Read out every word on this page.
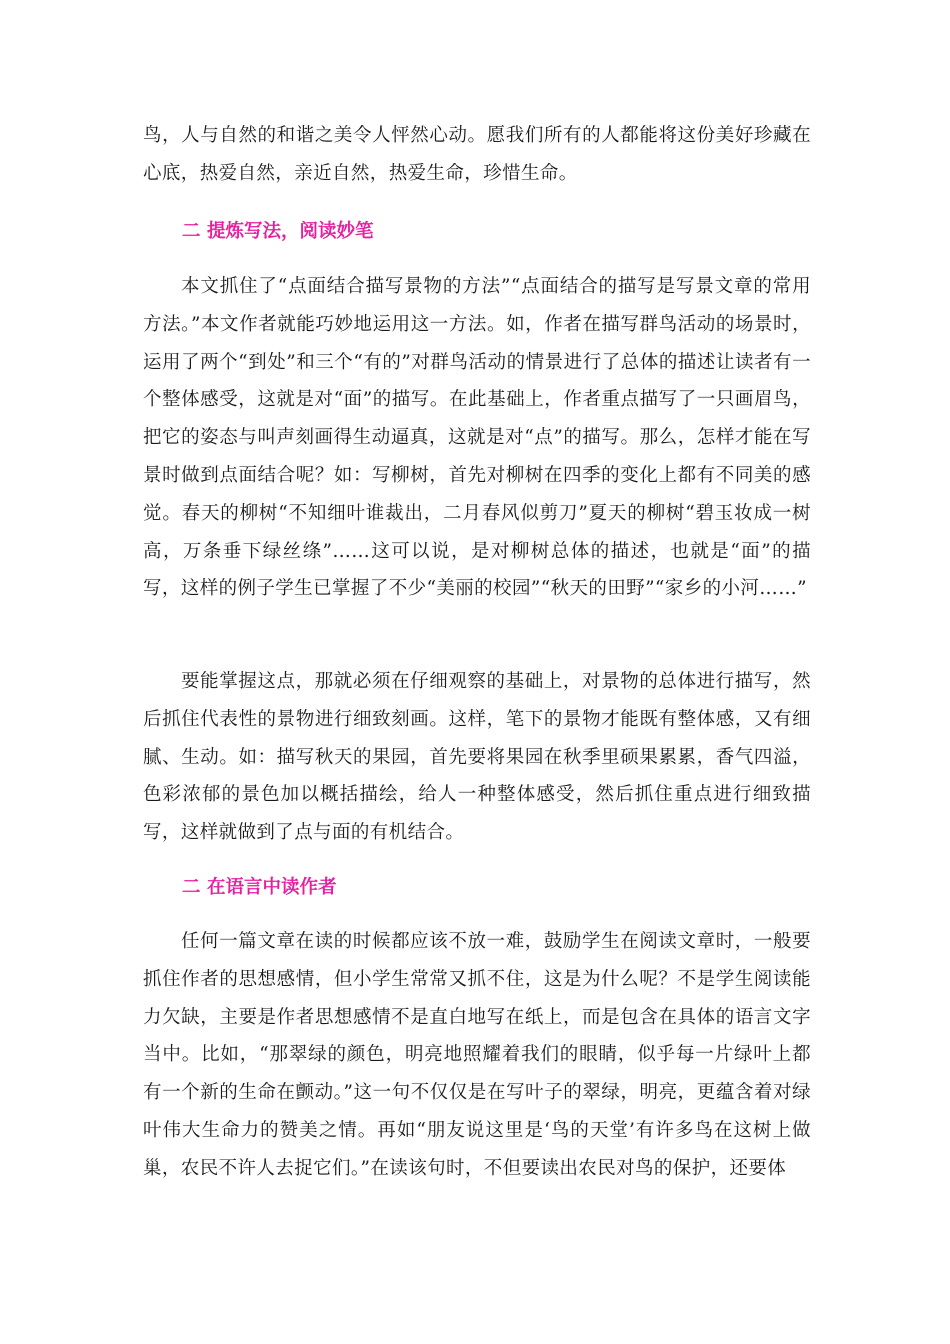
鸟，人与自然的和谐之美令人怦然心动。愿我们所有的人都能将这份美好珍藏在心底，热爱自然，亲近自然，热爱生命，珍惜生命。

二 提炼写法，阅读妙笔

本文抓住了“点面结合描写景物的方法”“点面结合的描写是写景文章的常用方法。”本文作者就能巧妙地运用这一方法。如，作者在描写群鸟活动的场景时，运用了两个“到处”和三个“有的”对群鸟活动的情景进行了总体的描述让读者有一个整体感受，这就是对“面”的描写。在此基础上，作者重点描写了一只画眉鸟，把它的姿态与叫声刻画得生动逼真，这就是对“点”的描写。那么，怎样才能在写景时做到点面结合呢？如：写柳树，首先对柳树在四季的变化上都有不同美的感觉。春天的柳树“不知细叶谁裁出，二月春风似剪刀”夏天的柳树“碧玉妆成一树高，万条垂下绿丝绦”……这可以说，是对柳树总体的描述，也就是“面”的描写，这样的例子学生已掌握了不少“美丽的校园”“秋天的田野”“家乡的小河……”

要能掌握这点，那就必须在仔细观察的基础上，对景物的总体进行描写，然后抓住代表性的景物进行细致刻画。这样，笔下的景物才能既有整体感，又有细腻、生动。如：描写秋天的果园，首先要将果园在秋季里硕果累累，香气四溢，色彩浓郁的景色加以概括描绘，给人一种整体感受，然后抓住重点进行细致描写，这样就做到了点与面的有机结合。

二 在语言中读作者

任何一篇文章在读的时候都应该不放一难，鼓励学生在阅读文章时，一般要抓住作者的思想感情，但小学生常常又抓不住，这是为什么呢？不是学生阅读能力欠缺，主要是作者思想感情不是直白地写在纸上，而是包含在具体的语言文字当中。比如，“那翠绿的颜色，明亮地照耀着我们的眼睛，似乎每一片绿叶上都有一个新的生命在颤动。”这一句不仅仅是在写叶子的翠绿，明亮，更蕴含着对绿叶伟大生命力的赞美之情。再如“朋友说这里是‘鸟的天堂’有许多鸟在这树上做巢，农民不许人去捉它们。”在读该句时，不但要读出农民对鸟的保护，还要体
